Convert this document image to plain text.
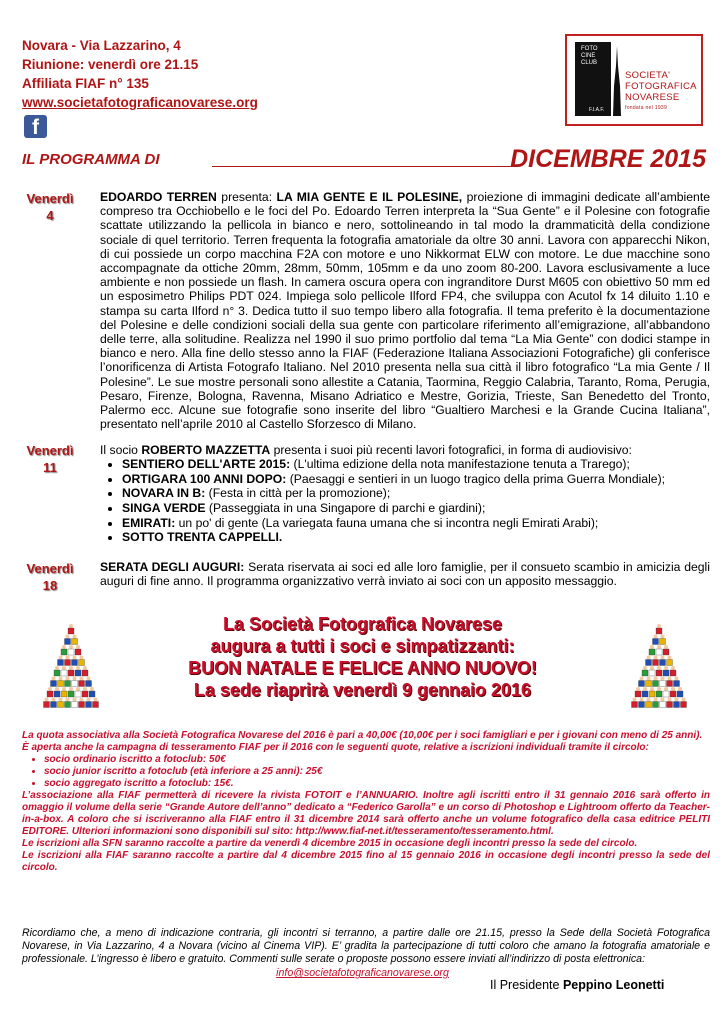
Novara - Via Lazzarino, 4
Riunione: venerdì ore 21.15
Affiliata FIAF n° 135
www.societafotograficanovarese.org
f
FOTO
CINE
CLUB
F.I.A.F.
SOCIETA'
FOTOGRAFICA
NOVARESE
fondata nel 1939
IL PROGRAMMA DI	DICEMBRE 2015
Venerdì
4
EDOARDO TERREN presenta: LA MIA GENTE E IL POLESINE, proiezione di immagini dedicate all’ambiente compreso tra Occhiobello e le foci del Po. Edoardo Terren interpreta la “Sua Gente” e il Polesine con fotografie scattate utilizzando la pellicola in bianco e nero, sottolineando in tal modo la drammaticità della condizione sociale di quel territorio. Terren frequenta la fotografia amatoriale da oltre 30 anni. Lavora con apparecchi Nikon, di cui possiede un corpo macchina F2A con motore e uno Nikkormat ELW con motore. Le due macchine sono accompagnate da ottiche 20mm, 28mm, 50mm, 105mm e da uno zoom 80-200. Lavora esclusivamente a luce ambiente e non possiede un flash. In camera oscura opera con ingranditore Durst M605 con obiettivo 50 mm ed un esposimetro Philips PDT 024. Impiega solo pellicole Ilford FP4, che sviluppa con Acutol fx 14 diluito 1.10 e stampa su carta Ilford n° 3. Dedica tutto il suo tempo libero alla fotografia. Il tema preferito è la documentazione del Polesine e delle condizioni sociali della sua gente con particolare riferimento all’emigrazione, all’abbandono delle terre, alla solitudine. Realizza nel 1990 il suo primo portfolio dal tema “La Mia Gente” con dodici stampe in bianco e nero. Alla fine dello stesso anno la FIAF (Federazione Italiana Associazioni Fotografiche) gli conferisce l’onorificenza di Artista Fotografo Italiano. Nel 2010 presenta nella sua città il libro fotografico “La mia Gente / Il Polesine”. Le sue mostre personali sono allestite a Catania, Taormina, Reggio Calabria, Taranto, Roma, Perugia, Pesaro, Firenze, Bologna, Ravenna, Misano Adriatico e Mestre, Gorizia, Trieste, San Benedetto del Tronto, Palermo ecc. Alcune sue fotografie sono inserite del libro “Gualtiero Marchesi e la Grande Cucina Italiana”, presentato nell’aprile 2010 al Castello Sforzesco di Milano.
Venerdì
11
Il socio ROBERTO MAZZETTA presenta i suoi più recenti lavori fotografici, in forma di audiovisivo:
• SENTIERO DELL'ARTE 2015: (L'ultima edizione della nota manifestazione tenuta a Trarego);
• ORTIGARA 100 ANNI DOPO: (Paesaggi e sentieri in un luogo tragico della prima Guerra Mondiale);
• NOVARA IN B: (Festa in città per la promozione);
• SINGA VERDE (Passeggiata in una Singapore di parchi e giardini);
• EMIRATI: un po' di gente (La variegata fauna umana che si incontra negli Emirati Arabi);
• SOTTO TRENTA CAPPELLI.
Venerdì
18
SERATA DEGLI AUGURI: Serata riservata ai soci ed alle loro famiglie, per il consueto scambio in amicizia degli auguri di fine anno. Il programma organizzativo verrà inviato ai soci con un apposito messaggio.
La Società Fotografica Novarese
augura a tutti i soci e simpatizzanti:
BUON NATALE E FELICE ANNO NUOVO!
La sede riaprirà venerdì 9 gennaio 2016
La quota associativa alla Società Fotografica Novarese del 2016 è pari a 40,00€ (10,00€ per i soci famigliari e per i giovani con meno di 25 anni).
È aperta anche la campagna di tesseramento FIAF per il 2016 con le seguenti quote, relative a iscrizioni individuali tramite il circolo:
• socio ordinario iscritto a fotoclub: 50€
• socio junior iscritto a fotoclub (età inferiore a 25 anni): 25€
• socio aggregato iscritto a fotoclub: 15€.
L’associazione alla FIAF permetterà di ricevere la rivista FOTOIT e l’ANNUARIO. Inoltre agli iscritti entro il 31 gennaio 2016 sarà offerto in omaggio il volume della serie “Grande Autore dell’anno” dedicato a “Federico Garolla” e un corso di Photoshop e Lightroom offerto da Teacher-in-a-box. A coloro che si iscriveranno alla FIAF entro il 31 dicembre 2014 sarà offerto anche un volume fotografico della casa editrice PELITI EDITORE. Ulteriori informazioni sono disponibili sul sito: http://www.fiaf-net.it/tesseramento/tesseramento.html.
Le iscrizioni alla SFN saranno raccolte a partire da venerdì 4 dicembre 2015 in occasione degli incontri presso la sede del circolo.
Le iscrizioni alla FIAF saranno raccolte a partire dal 4 dicembre 2015 fino al 15 gennaio 2016 in occasione degli incontri presso la sede del circolo.
Ricordiamo che, a meno di indicazione contraria, gli incontri si terranno, a partire dalle ore 21.15, presso la Sede della Società Fotografica Novarese, in Via Lazzarino, 4 a Novara (vicino al Cinema VIP). E’ gradita la partecipazione di tutti coloro che amano la fotografia amatoriale e professionale. L’ingresso è libero e gratuito. Commenti sulle serate o proposte possono essere inviati all’indirizzo di posta elettronica:
info@societafotograficanovarese.org
Il Presidente Peppino Leonetti
